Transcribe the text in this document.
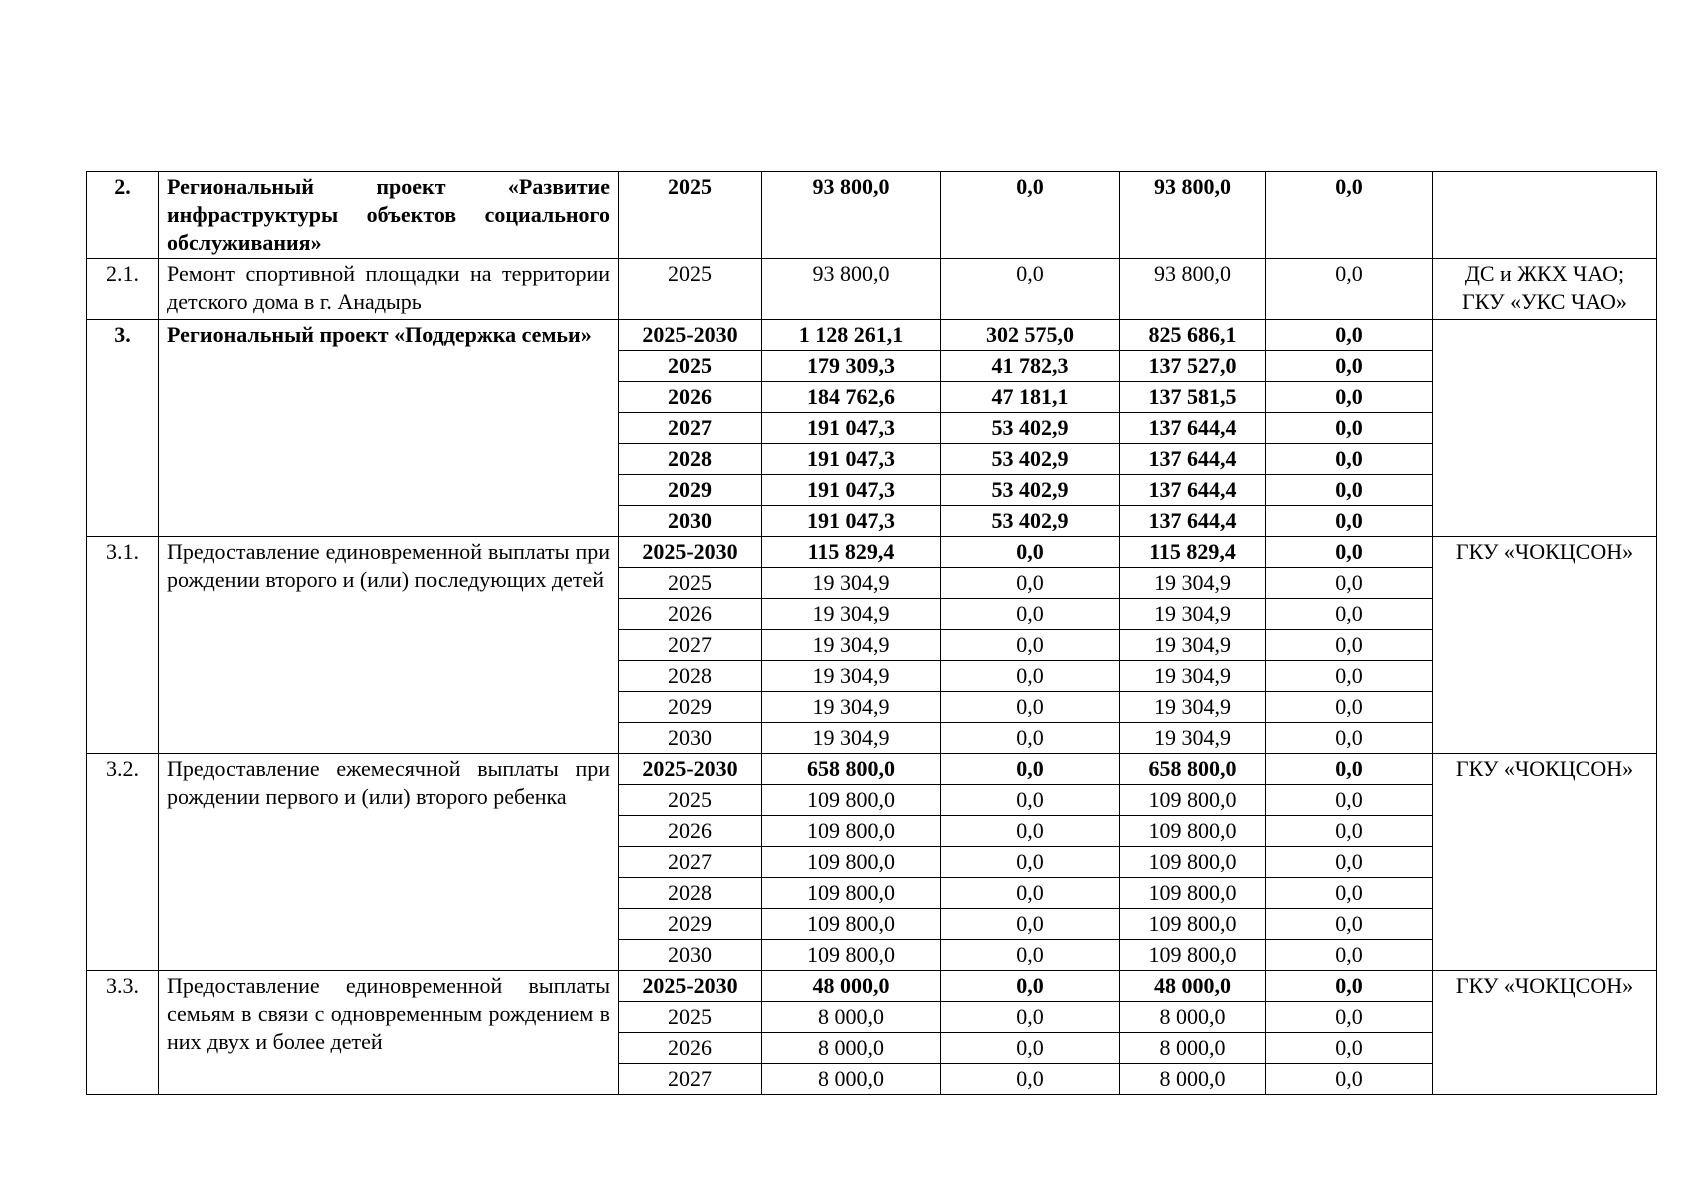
2.	Региональный проект «Развитие инфраструктуры объектов социального обслуживания»	2025	93 800,0	0,0	93 800,0	0,0	
2.1.	Ремонт спортивной площадки на территории детского дома в г. Анадырь	2025	93 800,0	0,0	93 800,0	0,0	ДС и ЖКХ ЧАО; ГКУ «УКС ЧАО»
3.	Региональный проект «Поддержка семьи»	2025-2030	1 128 261,1	302 575,0	825 686,1	0,0	
		2025	179 309,3	41 782,3	137 527,0	0,0	
		2026	184 762,6	47 181,1	137 581,5	0,0	
		2027	191 047,3	53 402,9	137 644,4	0,0	
		2028	191 047,3	53 402,9	137 644,4	0,0	
		2029	191 047,3	53 402,9	137 644,4	0,0	
		2030	191 047,3	53 402,9	137 644,4	0,0	
3.1.	Предоставление единовременной выплаты при рождении второго и (или) последующих детей	2025-2030	115 829,4	0,0	115 829,4	0,0	ГКУ «ЧОКЦСОН»
		2025	19 304,9	0,0	19 304,9	0,0	
		2026	19 304,9	0,0	19 304,9	0,0	
		2027	19 304,9	0,0	19 304,9	0,0	
		2028	19 304,9	0,0	19 304,9	0,0	
		2029	19 304,9	0,0	19 304,9	0,0	
		2030	19 304,9	0,0	19 304,9	0,0	
3.2.	Предоставление ежемесячной выплаты при рождении первого и (или) второго ребенка	2025-2030	658 800,0	0,0	658 800,0	0,0	ГКУ «ЧОКЦСОН»
		2025	109 800,0	0,0	109 800,0	0,0	
		2026	109 800,0	0,0	109 800,0	0,0	
		2027	109 800,0	0,0	109 800,0	0,0	
		2028	109 800,0	0,0	109 800,0	0,0	
		2029	109 800,0	0,0	109 800,0	0,0	
		2030	109 800,0	0,0	109 800,0	0,0	
3.3.	Предоставление единовременной выплаты семьям в связи с одновременным рождением в них двух и более детей	2025-2030	48 000,0	0,0	48 000,0	0,0	ГКУ «ЧОКЦСОН»
		2025	8 000,0	0,0	8 000,0	0,0	
		2026	8 000,0	0,0	8 000,0	0,0	
		2027	8 000,0	0,0	8 000,0	0,0	
